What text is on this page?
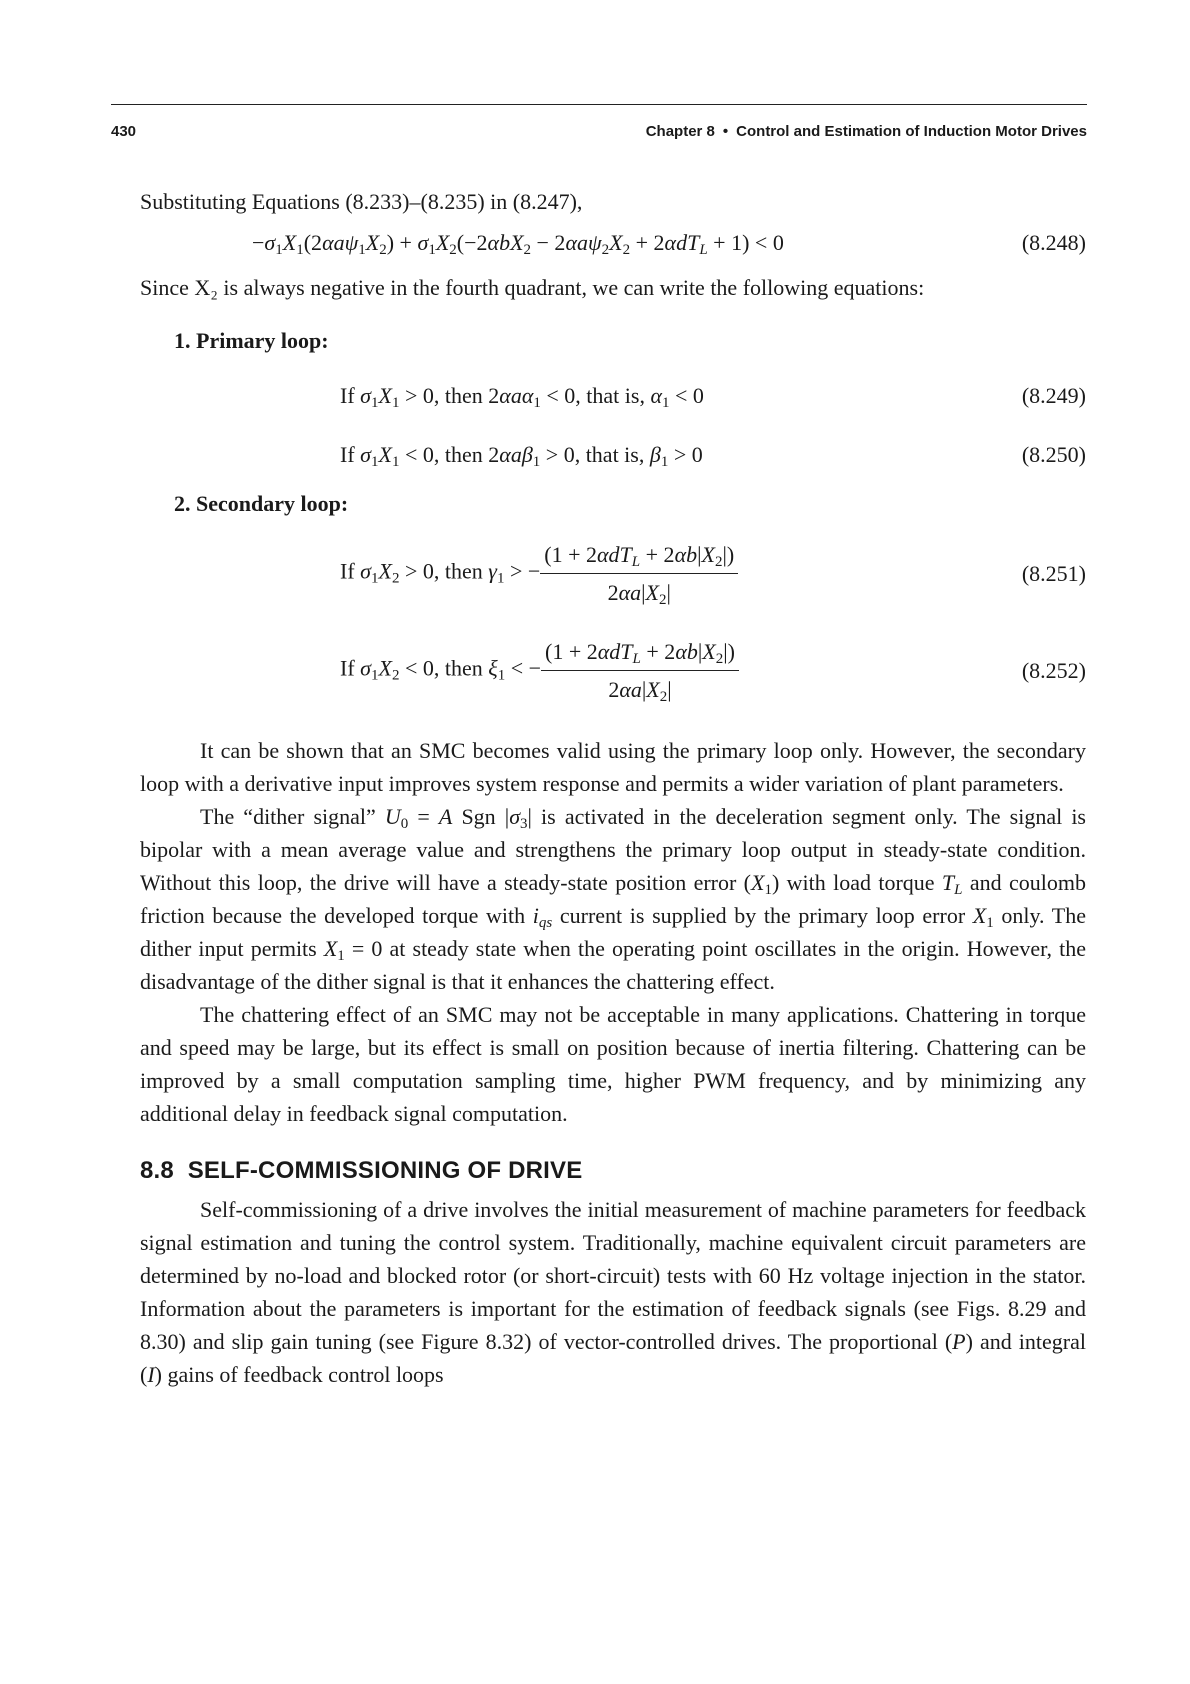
430	Chapter 8 • Control and Estimation of Induction Motor Drives

Substituting Equations (8.233)–(8.235) in (8.247),

$-\sigma_1X_1(2\alpha a\psi_1X_2) + \sigma_1X_2(-2\alpha bX_2 - 2\alpha a\psi_2X_2 + 2\alpha dT_L + 1) < 0$	(8.248)

Since X₂ is always negative in the fourth quadrant, we can write the following equations:

1. Primary loop:

If $\sigma_1X_1 > 0$, then 2αaα$_1$ < 0, that is, $\alpha_1 < 0$	(8.249)
If $\sigma_1X_1 < 0$, then 2αaβ$_1$ > 0, that is, $\beta_1 > 0$	(8.250)

2. Secondary loop:

If $\sigma_1X_2 > 0$, then $\gamma_1$ > − $\frac{(1 + 2\alpha dT_L + 2\alpha b|X_2|)}{2\alpha a|X_2|}$	(8.251)
If $\sigma_1X_2 < 0$, then $\xi_1$ < − $\frac{(1 + 2\alpha dT_L + 2\alpha b|X_2|)}{2\alpha a|X_2|}$	(8.252)

It can be shown that an SMC becomes valid using the primary loop only. However, the secondary loop with a derivative input improves system response and permits a wider variation of plant parameters.

The “dither signal” $U_0 = A$ Sgn $|\sigma_3|$ is activated in the deceleration segment only. The signal is bipolar with a mean average value and strengthens the primary loop output in steady-state condition. Without this loop, the drive will have a steady-state position error $(X_1)$ with load torque $T_L$ and coulomb friction because the developed torque with $i_{qs}$ current is supplied by the primary loop error $X_1$ only. The dither input permits $X_1 = 0$ at steady state when the operating point oscillates in the origin. However, the disadvantage of the dither signal is that it enhances the chattering effect.

The chattering effect of an SMC may not be acceptable in many applications. Chattering in torque and speed may be large, but its effect is small on position because of inertia filtering. Chattering can be improved by a small computation sampling time, higher PWM frequency, and by minimizing any additional delay in feedback signal computation.

8.8 SELF-COMMISSIONING OF DRIVE

Self-commissioning of a drive involves the initial measurement of machine parameters for feedback signal estimation and tuning the control system. Traditionally, machine equivalent circuit parameters are determined by no-load and blocked rotor (or short-circuit) tests with 60 Hz voltage injection in the stator. Information about the parameters is important for the estimation of feedback signals (see Figs. 8.29 and 8.30) and slip gain tuning (see Figure 8.32) of vector-controlled drives. The proportional (P) and integral (I) gains of feedback control loops
